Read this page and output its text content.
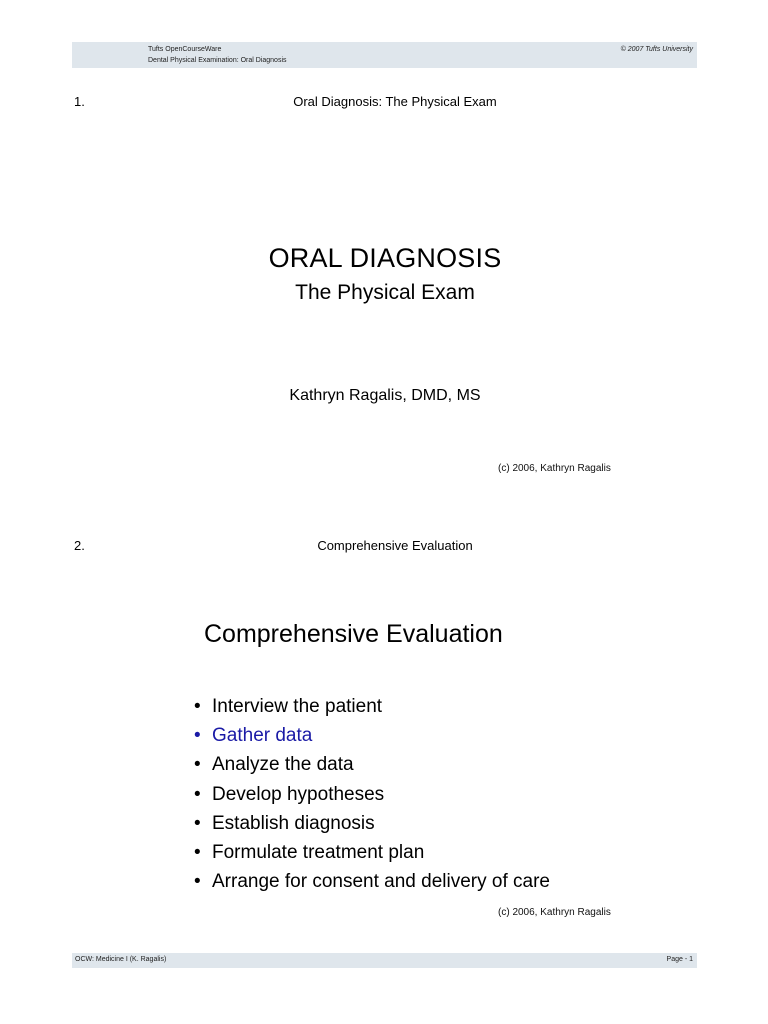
Tufts OpenCourseWare
Dental Physical Examination: Oral Diagnosis
© 2007 Tufts University
1.	Oral Diagnosis: The Physical Exam
ORAL DIAGNOSIS
The Physical Exam
Kathryn Ragalis, DMD, MS
(c) 2006, Kathryn Ragalis
2.	Comprehensive Evaluation
Comprehensive Evaluation
• Interview the patient
• Gather data
• Analyze the data
• Develop hypotheses
• Establish diagnosis
• Formulate treatment plan
• Arrange for consent and delivery of care
(c) 2006, Kathryn Ragalis
OCW: Medicine I (K. Ragalis)	Page - 1
